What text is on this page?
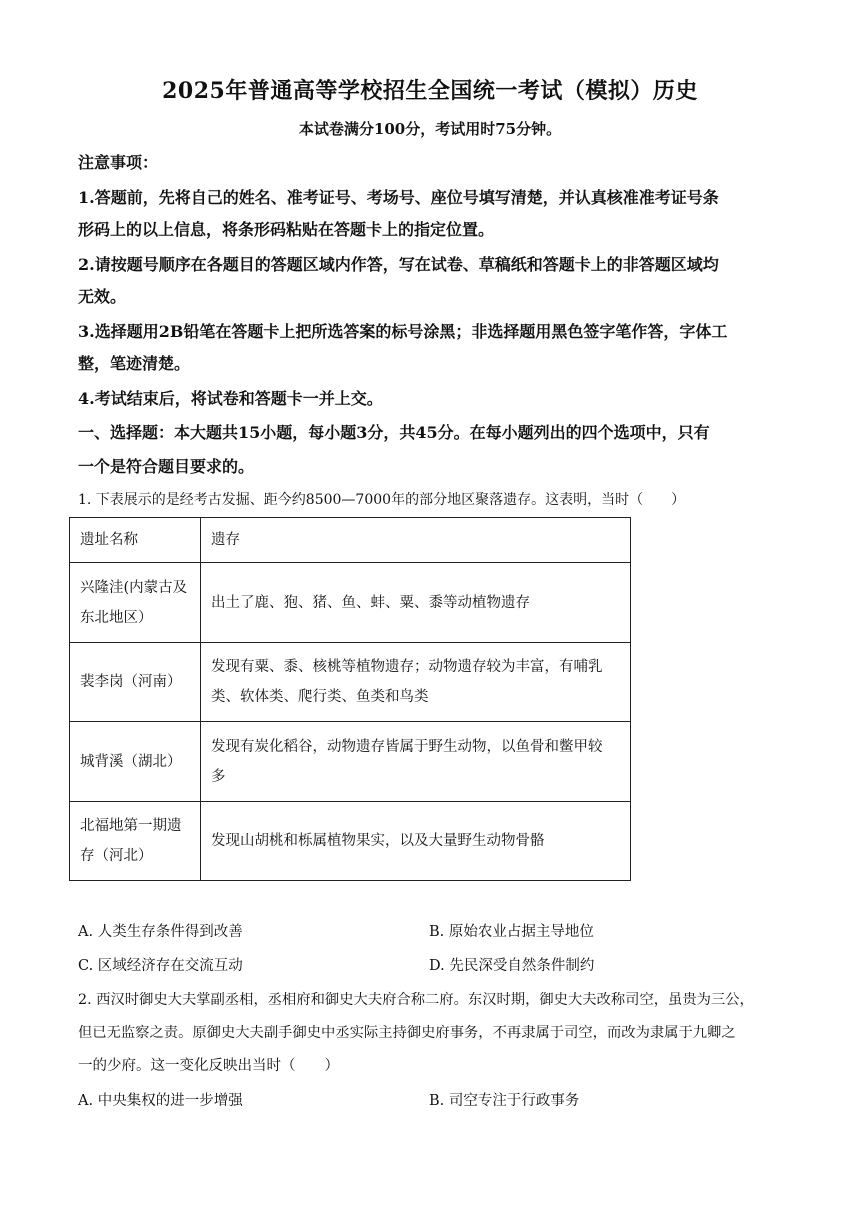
2025年普通高等学校招生全国统一考试（模拟）历史
本试卷满分100分，考试用时75分钟。
注意事项：
1.答题前，先将自己的姓名、准考证号、考场号、座位号填写清楚，并认真核准准考证号条
形码上的以上信息，将条形码粘贴在答题卡上的指定位置。
2.请按题号顺序在各题目的答题区域内作答，写在试卷、草稿纸和答题卡上的非答题区域均
无效。
3.选择题用2B铅笔在答题卡上把所选答案的标号涂黑；非选择题用黑色签字笔作答，字体工
整，笔迹清楚。
4.考试结束后，将试卷和答题卡一并上交。
一、选择题：本大题共15小题，每小题3分，共45分。在每小题列出的四个选项中，只有
一个是符合题目要求的。
1. 下表展示的是经考古发掘、距今约8500—7000年的部分地区聚落遗存。这表明，当时（　　）
遗址名称	遗存

兴隆洼(内蒙古及
东北地区）	出土了鹿、狍、猪、鱼、蚌、粟、黍等动植物遗存

裴李岗（河南）	发现有粟、黍、核桃等植物遗存；动物遗存较为丰富，有哺乳
类、软体类、爬行类、鱼类和鸟类

城背溪（湖北）	发现有炭化稻谷，动物遗存皆属于野生动物，以鱼骨和鳖甲较
多

北福地第一期遗
存（河北）	发现山胡桃和栎属植物果实，以及大量野生动物骨骼
A. 人类生存条件得到改善	B. 原始农业占据主导地位
C. 区域经济存在交流互动	D. 先民深受自然条件制约
2. 西汉时御史大夫掌副丞相，丞相府和御史大夫府合称二府。东汉时期，御史大夫改称司空，虽贵为三公，
但已无监察之责。原御史大夫副手御史中丞实际主持御史府事务，不再隶属于司空，而改为隶属于九卿之
一的少府。这一变化反映出当时（　　）
A. 中央集权的进一步增强	B. 司空专注于行政事务
